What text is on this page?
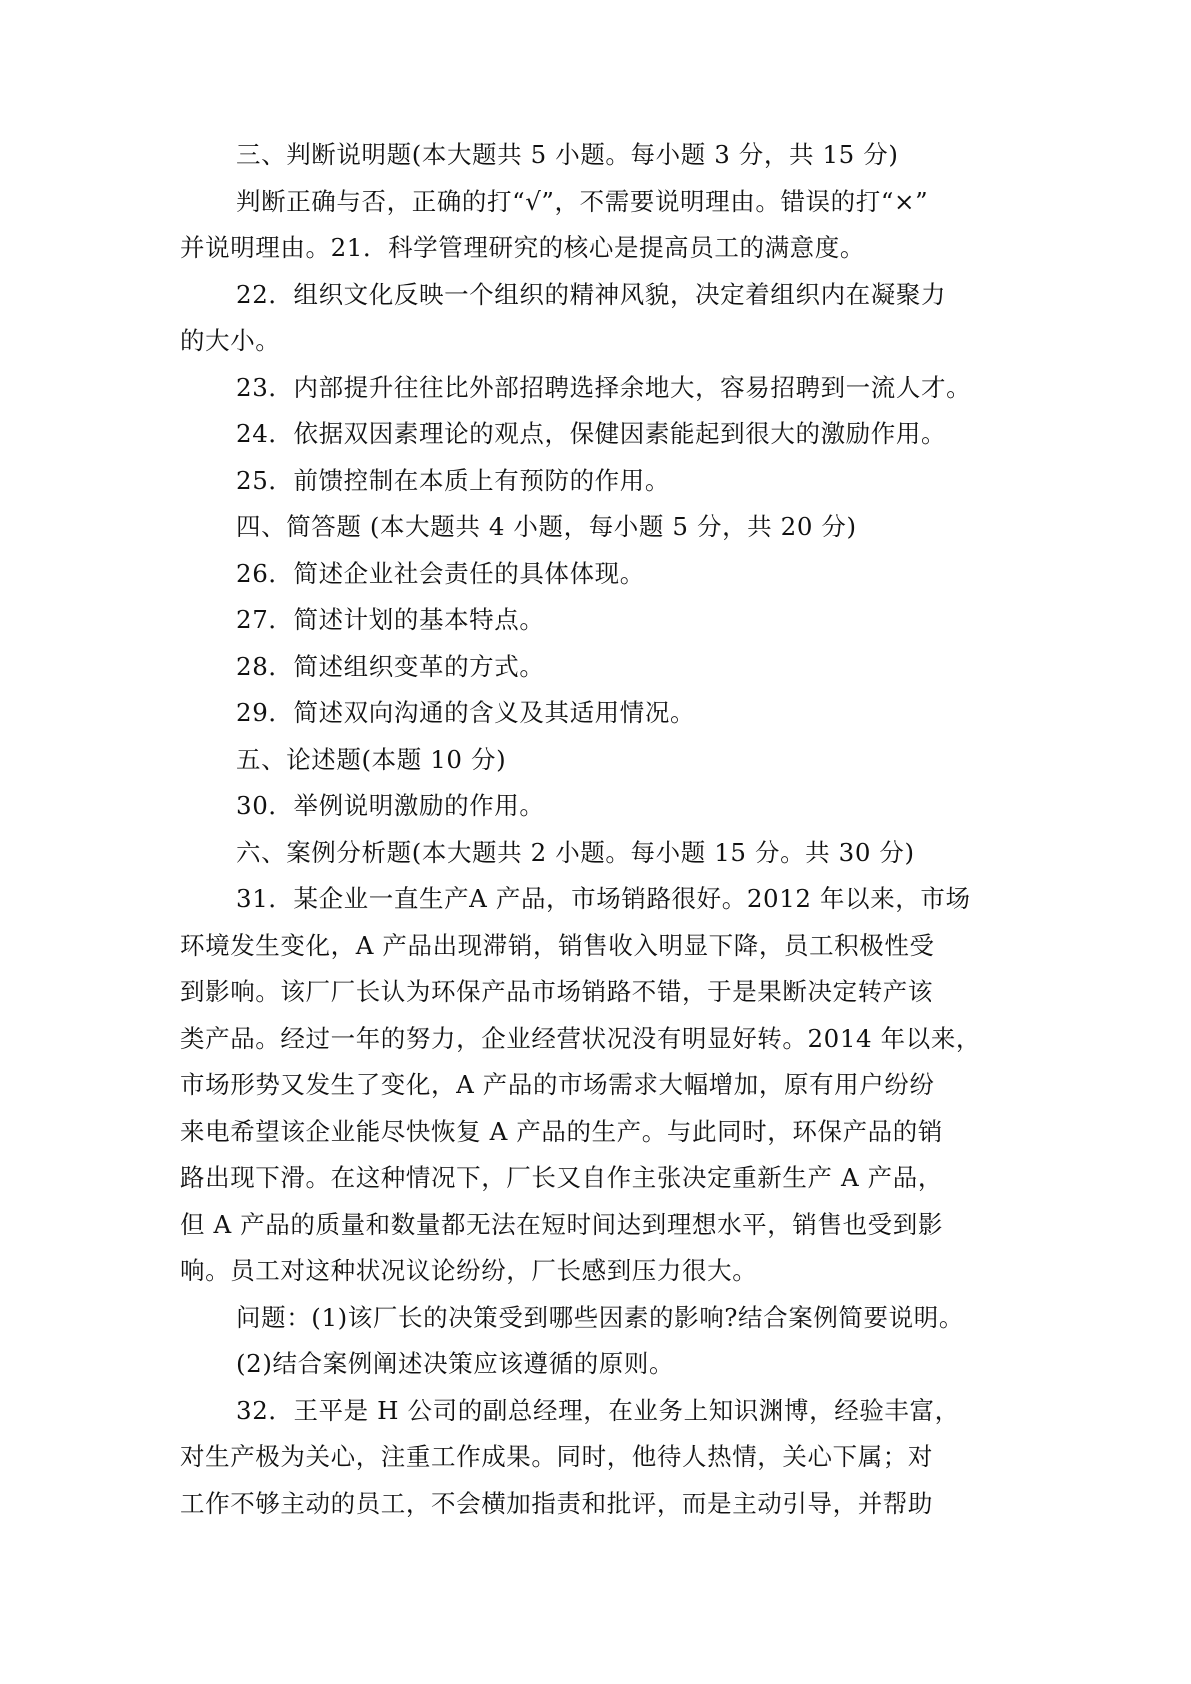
三、判断说明题(本大题共 5 小题。每小题 3 分，共 15 分)
判断正确与否，正确的打“√”，不需要说明理由。错误的打“×”
并说明理由。21．科学管理研究的核心是提高员工的满意度。
22．组织文化反映一个组织的精神风貌，决定着组织内在凝聚力
的大小。
23．内部提升往往比外部招聘选择余地大，容易招聘到一流人才。
24．依据双因素理论的观点，保健因素能起到很大的激励作用。
25．前馈控制在本质上有预防的作用。
四、简答题 (本大题共 4 小题，每小题 5 分，共 20 分)
26．简述企业社会责任的具体体现。
27．简述计划的基本特点。
28．简述组织变革的方式。
29．简述双向沟通的含义及其适用情况。
五、论述题(本题 10 分)
30．举例说明激励的作用。
六、案例分析题(本大题共 2 小题。每小题 15 分。共 30 分)
31．某企业一直生产A 产品，市场销路很好。2012 年以来，市场
环境发生变化，A 产品出现滞销，销售收入明显下降，员工积极性受
到影响。该厂厂长认为环保产品市场销路不错，于是果断决定转产该
类产品。经过一年的努力，企业经营状况没有明显好转。2014 年以来，
市场形势又发生了变化，A 产品的市场需求大幅增加，原有用户纷纷
来电希望该企业能尽快恢复 A 产品的生产。与此同时，环保产品的销
路出现下滑。在这种情况下，厂长又自作主张决定重新生产 A 产品，
但 A 产品的质量和数量都无法在短时间达到理想水平，销售也受到影
响。员工对这种状况议论纷纷，厂长感到压力很大。
问题：(1)该厂长的决策受到哪些因素的影响?结合案例简要说明。
(2)结合案例阐述决策应该遵循的原则。
32．王平是 H 公司的副总经理，在业务上知识渊博，经验丰富，
对生产极为关心，注重工作成果。同时，他待人热情，关心下属；对
工作不够主动的员工，不会横加指责和批评，而是主动引导，并帮助
